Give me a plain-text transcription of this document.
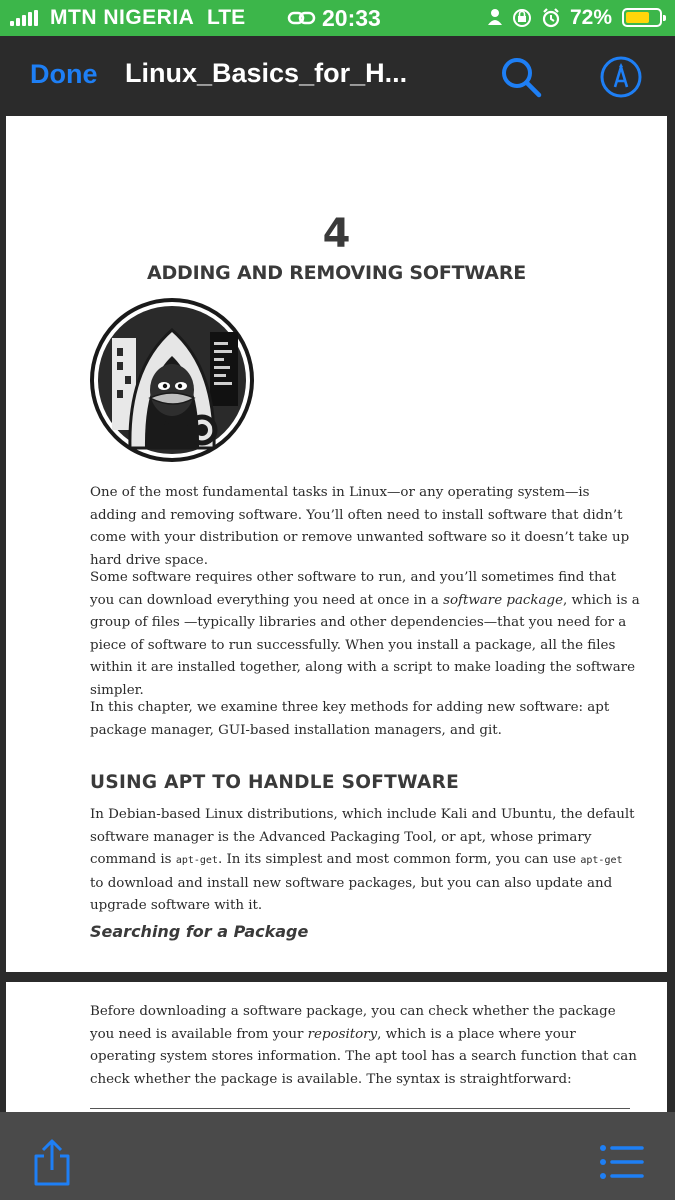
MTN NIGERIA LTE	20:33	72%
Done Linux_Basics_for_H...
4
ADDING AND REMOVING SOFTWARE

One of the most fundamental tasks in Linux—or any operating system—is adding and removing software. You’ll often need to install software that didn’t come with your distribution or remove unwanted software so it doesn’t take up hard drive space.

Some software requires other software to run, and you’ll sometimes find that you can download everything you need at once in a software package, which is a group of files —typically libraries and other dependencies—that you need for a piece of software to run successfully. When you install a package, all the files within it are installed together, along with a script to make loading the software simpler.

In this chapter, we examine three key methods for adding new software: apt package manager, GUI-based installation managers, and git.

USING APT TO HANDLE SOFTWARE

In Debian-based Linux distributions, which include Kali and Ubuntu, the default software manager is the Advanced Packaging Tool, or apt, whose primary command is apt-get. In its simplest and most common form, you can use apt-get to download and install new software packages, but you can also update and upgrade software with it.

Searching for a Package

Before downloading a software package, you can check whether the package you need is available from your repository, which is a place where your operating system stores information. The apt tool has a search function that can check whether the package is available. The syntax is straightforward:
